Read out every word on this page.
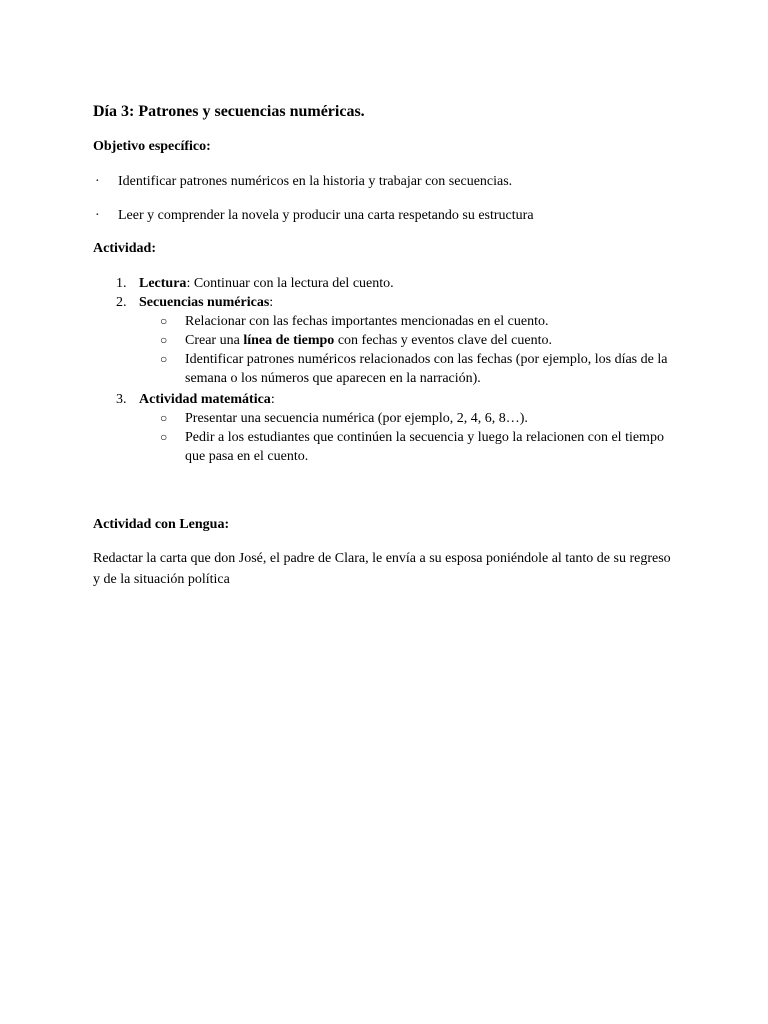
Día 3: Patrones y secuencias numéricas.
Objetivo específico:
· Identificar patrones numéricos en la historia y trabajar con secuencias.
· Leer y comprender la novela y producir una carta respetando su estructura
Actividad:
1. Lectura: Continuar con la lectura del cuento.
2. Secuencias numéricas:
○ Relacionar con las fechas importantes mencionadas en el cuento.
○ Crear una línea de tiempo con fechas y eventos clave del cuento.
○ Identificar patrones numéricos relacionados con las fechas (por ejemplo, los días de la semana o los números que aparecen en la narración).
3. Actividad matemática:
○ Presentar una secuencia numérica (por ejemplo, 2, 4, 6, 8…).
○ Pedir a los estudiantes que continúen la secuencia y luego la relacionen con el tiempo que pasa en el cuento.
Actividad con Lengua:
Redactar la carta que don José, el padre de Clara, le envía a su esposa poniéndole al tanto de su regreso y de la situación política
